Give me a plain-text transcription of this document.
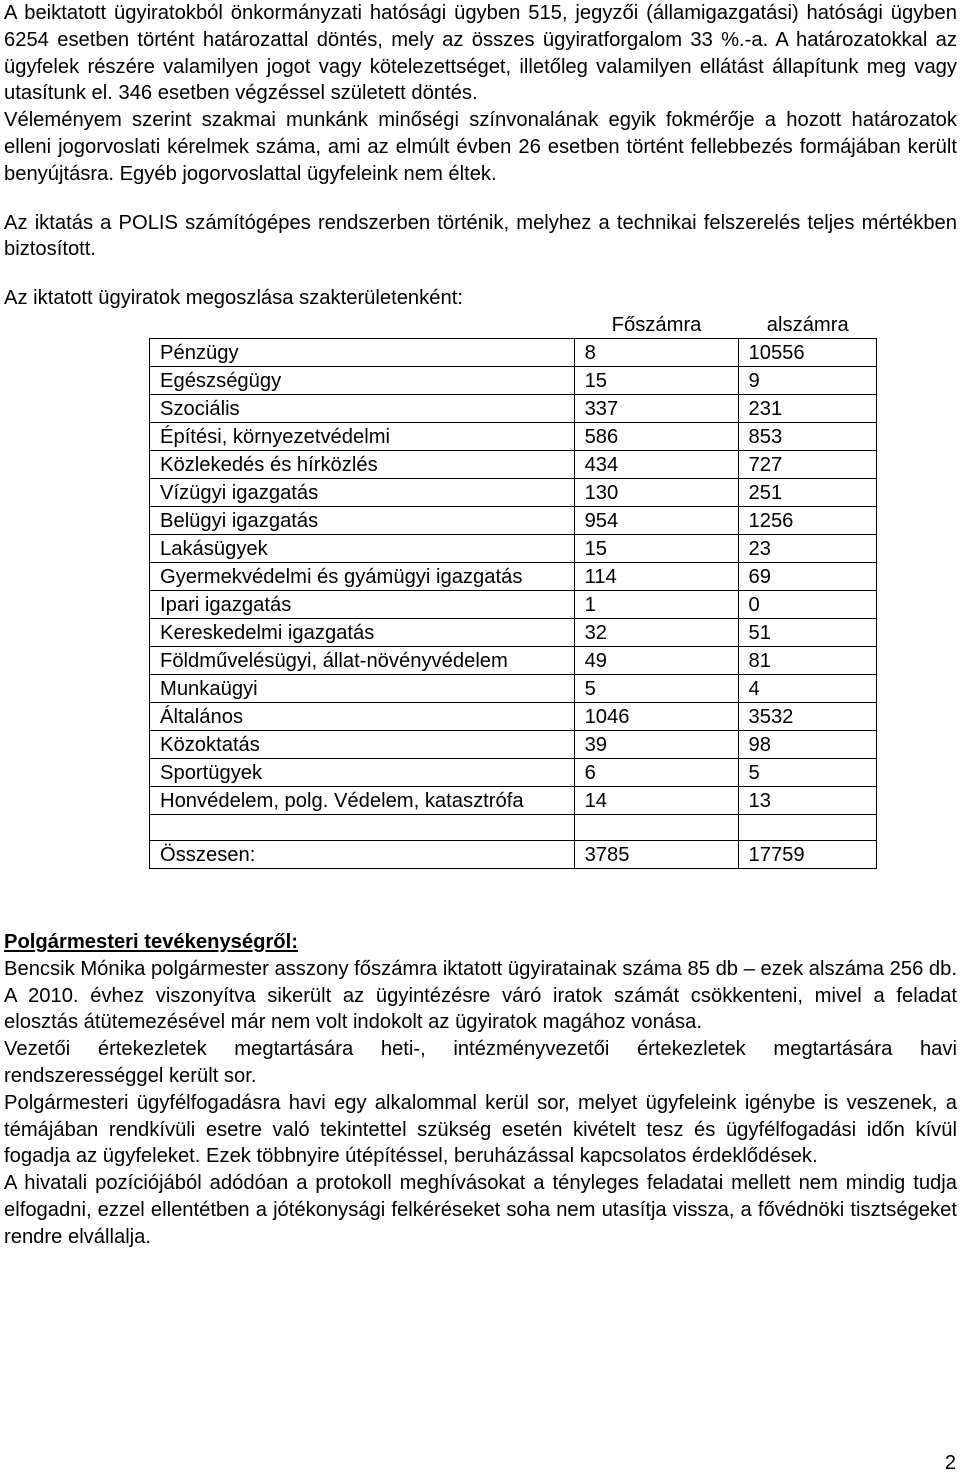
A beiktatott ügyiratokból önkormányzati hatósági ügyben 515, jegyzői (államigazgatási) hatósági ügyben 6254 esetben történt határozattal döntés, mely az összes ügyiratforgalom 33 %.-a. A határozatokkal az ügyfelek részére valamilyen jogot vagy kötelezettséget, illetőleg valamilyen ellátást állapítunk meg vagy utasítunk el. 346 esetben végzéssel született döntés.

Véleményem szerint szakmai munkánk minőségi színvonalának egyik fokmérője a hozott határozatok elleni jogorvoslati kérelmek száma, ami az elmúlt évben 26 esetben történt fellebbezés formájában került benyújtásra. Egyéb jogorvoslattal ügyfeleink nem éltek.

Az iktatás a POLIS számítógépes rendszerben történik, melyhez a technikai felszerelés teljes mértékben biztosított.

Az iktatott ügyiratok megoszlása szakterületenként:

	Főszámra	alszámra
Pénzügy	8	10556
Egészségügy	15	9
Szociális	337	231
Építési, környezetvédelmi	586	853
Közlekedés és hírközlés	434	727
Vízügyi igazgatás	130	251
Belügyi igazgatás	954	1256
Lakásügyek	15	23
Gyermekvédelmi és gyámügyi igazgatás	114	69
Ipari igazgatás	1	0
Kereskedelmi igazgatás	32	51
Földművelésügyi, állat-növényvédelem	49	81
Munkaügyi	5	4
Általános	1046	3532
Közoktatás	39	98
Sportügyek	6	5
Honvédelem, polg. Védelem, katasztrófa	14	13

Összesen:	3785	17759

Polgármesteri tevékenységről:

Bencsik Mónika polgármester asszony főszámra iktatott ügyiratainak száma 85 db – ezek alszáma 256 db. A 2010. évhez viszonyítva sikerült az ügyintézésre váró iratok számát csökkenteni, mivel a feladat elosztás átütemezésével már nem volt indokolt az ügyiratok magához vonása.

Vezetői értekezletek megtartására heti-, intézményvezetői értekezletek megtartására havi rendszerességgel került sor.

Polgármesteri ügyfélfogadásra havi egy alkalommal kerül sor, melyet ügyfeleink igénybe is veszenek, a témájában rendkívüli esetre való tekintettel szükség esetén kivételt tesz és ügyfélfogadási időn kívül fogadja az ügyfeleket. Ezek többnyire útépítéssel, beruházással kapcsolatos érdeklődések.

A hivatali pozíciójából adódóan a protokoll meghívásokat a tényleges feladatai mellett nem mindig tudja elfogadni, ezzel ellentétben a jótékonysági felkéréseket soha nem utasítja vissza, a fővédnöki tisztségeket rendre elvállalja.

2
